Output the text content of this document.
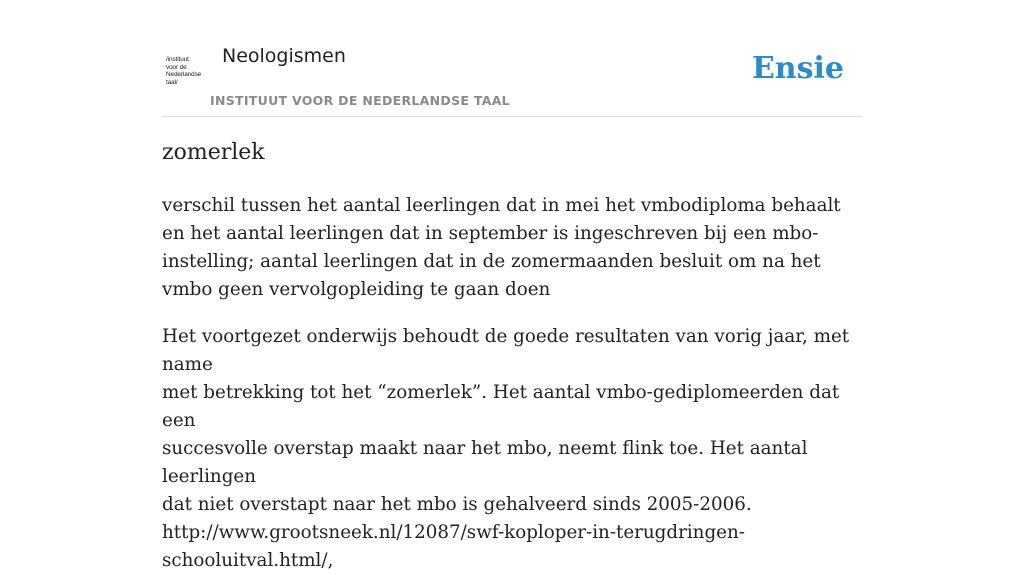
/instituut
voor de
Nederlandse
taal/
Neologismen
INSTITUUT VOOR DE NEDERLANDSE TAAL
Ensie
zomerlek
verschil tussen het aantal leerlingen dat in mei het vmbodiploma behaalt en het aantal leerlingen dat in september is ingeschreven bij een mbo-instelling; aantal leerlingen dat in de zomermaanden besluit om na het vmbo geen vervolgopleiding te gaan doen
Het voortgezet onderwijs behoudt de goede resultaten van vorig jaar, met name
met betrekking tot het “zomerlek”. Het aantal vmbo-gediplomeerden dat een
succesvolle overstap maakt naar het mbo, neemt flink toe. Het aantal leerlingen
dat niet overstapt naar het mbo is gehalveerd sinds 2005-2006.
http://www.grootsneek.nl/12087/swf-koploper-in-terugdringen-
schooluitval.html/,
